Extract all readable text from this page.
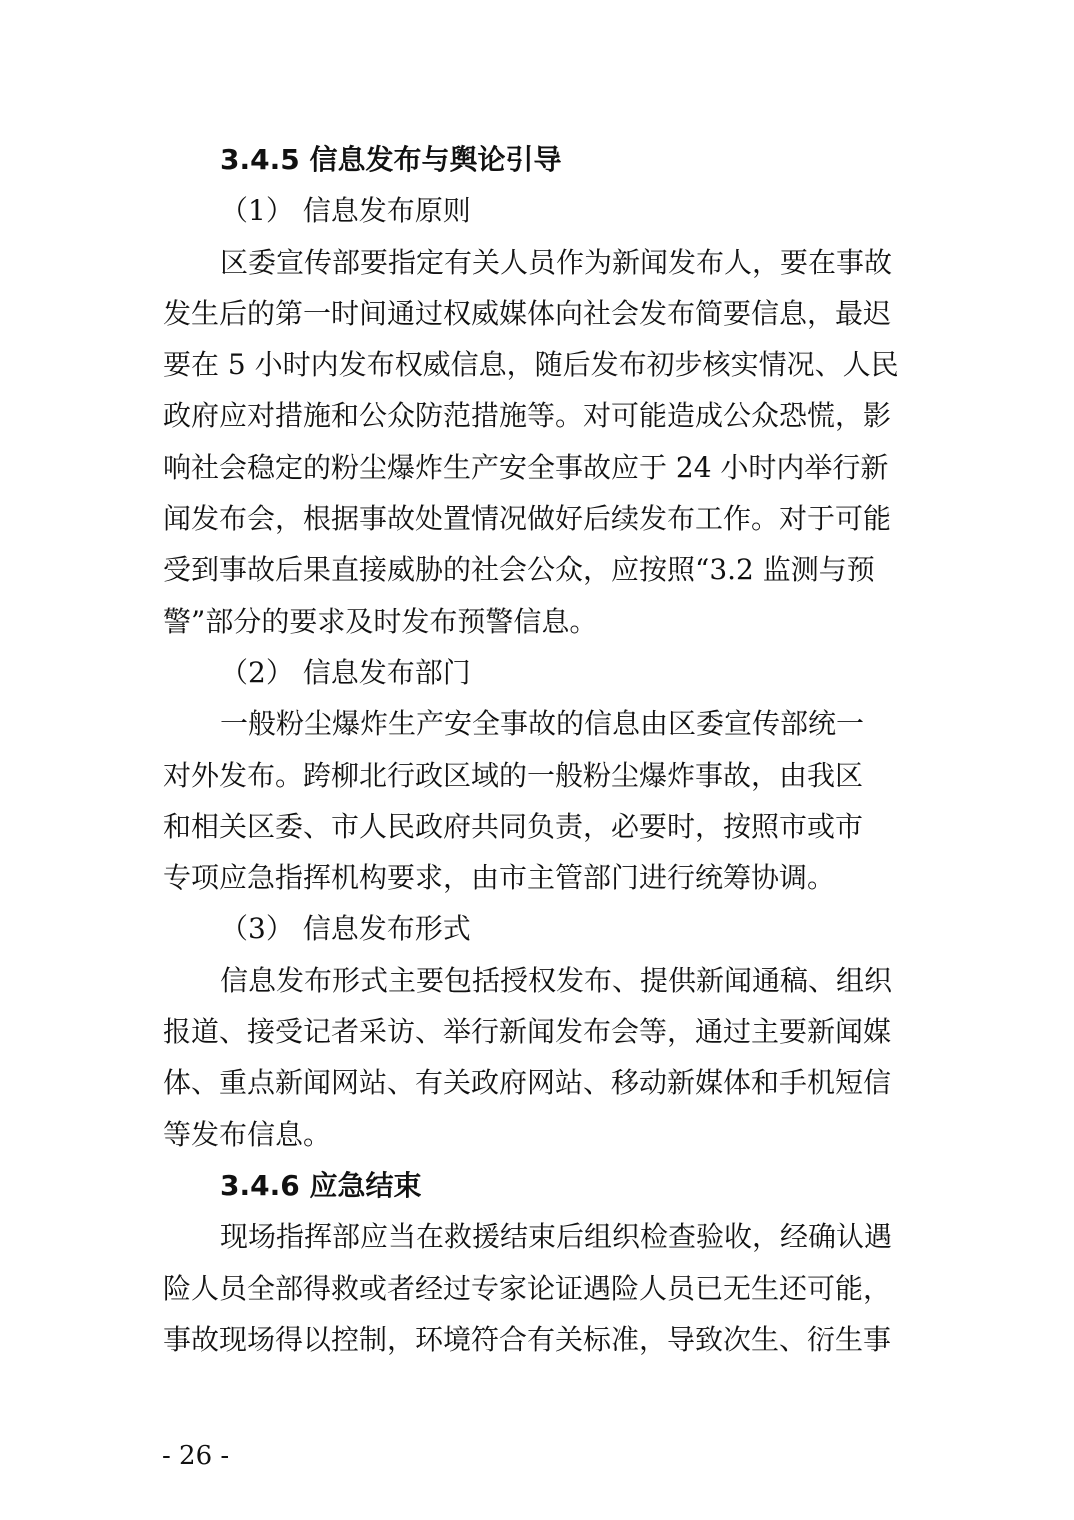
3.4.5 信息发布与舆论引导
（1） 信息发布原则
区委宣传部要指定有关人员作为新闻发布人，要在事故
发生后的第一时间通过权威媒体向社会发布简要信息，最迟
要在 5 小时内发布权威信息，随后发布初步核实情况、人民
政府应对措施和公众防范措施等。对可能造成公众恐慌，影
响社会稳定的粉尘爆炸生产安全事故应于 24 小时内举行新
闻发布会，根据事故处置情况做好后续发布工作。对于可能
受到事故后果直接威胁的社会公众，应按照“3.2 监测与预
警”部分的要求及时发布预警信息。
（2） 信息发布部门
一般粉尘爆炸生产安全事故的信息由区委宣传部统一
对外发布。跨柳北行政区域的一般粉尘爆炸事故，由我区
和相关区委、市人民政府共同负责，必要时，按照市或市
专项应急指挥机构要求，由市主管部门进行统筹协调。
（3） 信息发布形式
信息发布形式主要包括授权发布、提供新闻通稿、组织
报道、接受记者采访、举行新闻发布会等，通过主要新闻媒
体、重点新闻网站、有关政府网站、移动新媒体和手机短信
等发布信息。
3.4.6 应急结束
现场指挥部应当在救援结束后组织检查验收，经确认遇
险人员全部得救或者经过专家论证遇险人员已无生还可能，
事故现场得以控制，环境符合有关标准，导致次生、衍生事
- 26 -
